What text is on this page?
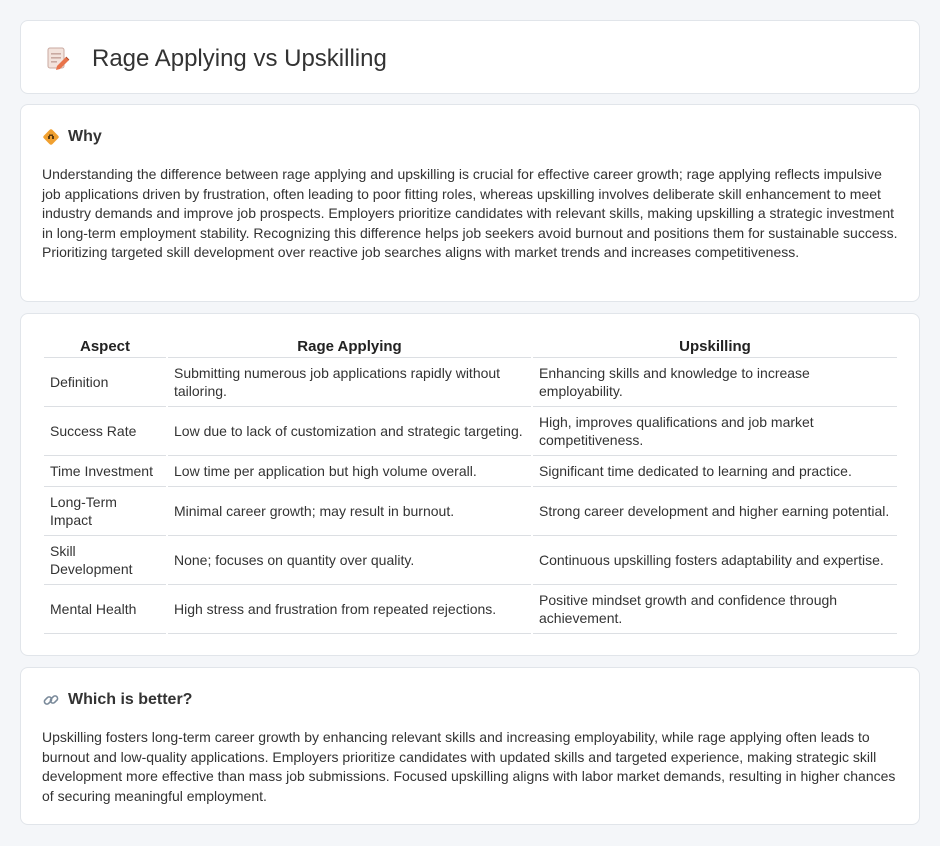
Rage Applying vs Upskilling
Why

Understanding the difference between rage applying and upskilling is crucial for effective career growth; rage applying reflects impulsive job applications driven by frustration, often leading to poor fitting roles, whereas upskilling involves deliberate skill enhancement to meet industry demands and improve job prospects. Employers prioritize candidates with relevant skills, making upskilling a strategic investment in long-term employment stability. Recognizing this difference helps job seekers avoid burnout and positions them for sustainable success. Prioritizing targeted skill development over reactive job searches aligns with market trends and increases competitiveness.

Aspect	Rage Applying	Upskilling
Definition	Submitting numerous job applications rapidly without tailoring.	Enhancing skills and knowledge to increase employability.
Success Rate	Low due to lack of customization and strategic targeting.	High, improves qualifications and job market competitiveness.
Time Investment	Low time per application but high volume overall.	Significant time dedicated to learning and practice.
Long-Term Impact	Minimal career growth; may result in burnout.	Strong career development and higher earning potential.
Skill Development	None; focuses on quantity over quality.	Continuous upskilling fosters adaptability and expertise.
Mental Health	High stress and frustration from repeated rejections.	Positive mindset growth and confidence through achievement.
Which is better?

Upskilling fosters long-term career growth by enhancing relevant skills and increasing employability, while rage applying often leads to burnout and low-quality applications. Employers prioritize candidates with updated skills and targeted experience, making strategic skill development more effective than mass job submissions. Focused upskilling aligns with labor market demands, resulting in higher chances of securing meaningful employment.
